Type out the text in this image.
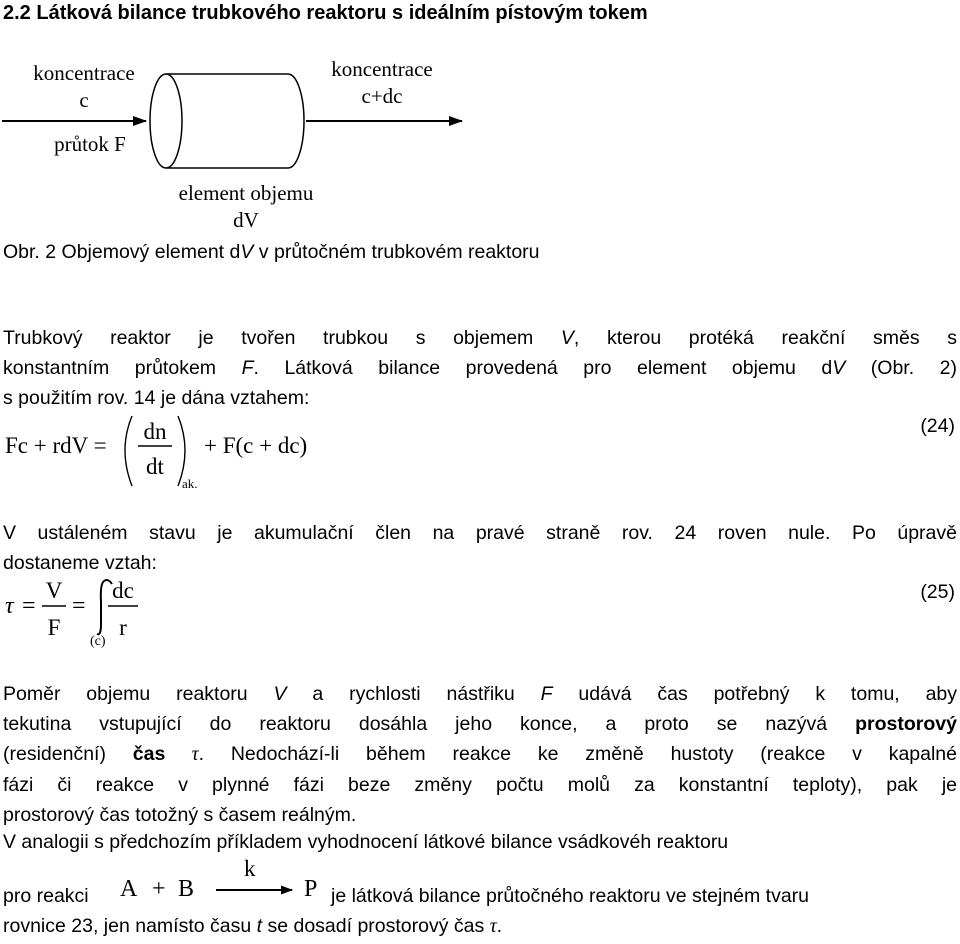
2.2 Látková bilance trubkového reaktoru s ideálním pístovým tokem
koncentrace
c
průtok F
koncentrace
c+dc
element objemu
dV
Obr. 2 Objemový element dV v průtočném trubkovém reaktoru
Trubkový reaktor je tvořen trubkou s objemem V, kterou protéká reakční směs s
konstantním průtokem F. Látková bilance provedená pro element objemu dV (Obr. 2)
s použitím rov. 14 je dána vztahem:
Fc + rdV =
dn
dt
ak.
+ F(c + dc)
(24)
V ustáleném stavu je akumulační člen na pravé straně rov. 24 roven nule. Po úpravě
dostaneme vztah:
τ =
V
F
=
dc
r
(c)
(25)
Poměr objemu reaktoru V a rychlosti nástřiku F udává čas potřebný k tomu, aby
tekutina vstupující do reaktoru dosáhla jeho konce, a proto se nazývá prostorový
(residenční) čas τ. Nedochází-li během reakce ke změně hustoty (reakce v kapalné
fázi či reakce v plynné fázi beze změny počtu molů za konstantní teploty), pak je
prostorový čas totožný s časem reálným.
V analogii s předchozím příkladem vyhodnocení látkové bilance vsádkovéh reaktoru
pro reakci A + B
k
P je látková bilance průtočného reaktoru ve stejném tvaru
rovnice 23, jen namísto času t se dosadí prostorový čas τ.
